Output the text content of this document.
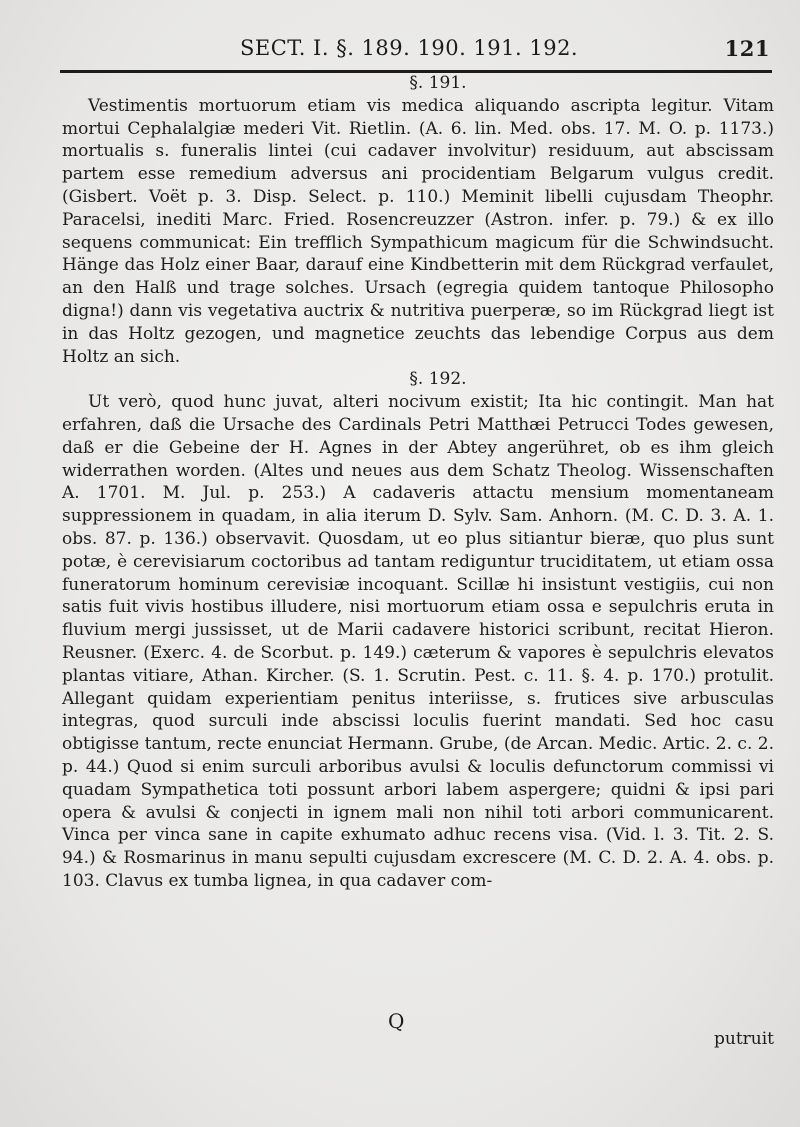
SECT. I. §. 189. 190. 191. 192.	121

§. 191.

Vestimentis mortuorum etiam vis medica aliquando ascripta legitur. Vitam mortui Cephalalgiæ mederi Vit. Rietlin. (A. 6. lin. Med. obs. 17. M. O. p. 1173.) mortualis s. funeralis lintei (cui cadaver involvitur) residuum, aut abscissam partem esse remedium adversus ani procidentiam Belgarum vulgus credit. (Gisbert. Voët p. 3. Disp. Select. p. 110.) Meminit libelli cujusdam Theophr. Paracelsi, inediti Marc. Fried. Rosencreuzzer (Astron. infer. p. 79.) & ex illo sequens communicat: Ein trefflich Sympathicum magicum für die Schwindsucht. Hänge das Holz einer Baar, darauf eine Kindbetterin mit dem Rückgrad verfaulet, an den Halß und trage solches. Ursach (egregia quidem tantoque Philosopho digna!) dann vis vegetativa auctrix & nutritiva puerperæ, so im Rückgrad liegt ist in das Holtz gezogen, und magnetice zeuchts das lebendige Corpus aus dem Holtz an sich.

§. 192.

Ut verò, quod hunc juvat, alteri nocivum existit; Ita hic contingit. Man hat erfahren, daß die Ursache des Cardinals Petri Matthæi Petrucci Todes gewesen, daß er die Gebeine der H. Agnes in der Abtey angerühret, ob es ihm gleich widerrathen worden. (Altes und neues aus dem Schatz Theolog. Wissenschaften A. 1701. M. Jul. p. 253.) A cadaveris attactu mensium momentaneam suppressionem in quadam, in alia iterum D. Sylv. Sam. Anhorn. (M. C. D. 3. A. 1. obs. 87. p. 136.) observavit. Quosdam, ut eo plus sitiantur bieræ, quo plus sunt potæ, è cerevisiarum coctoribus ad tantam rediguntur truciditatem, ut etiam ossa funeratorum hominum cerevisiæ incoquant. Scillæ hi insistunt vestigiis, cui non satis fuit vivis hostibus illudere, nisi mortuorum etiam ossa e sepulchris eruta in fluvium mergi jussisset, ut de Marii cadavere historici scribunt, recitat Hieron. Reusner. (Exerc. 4. de Scorbut. p. 149.) cæterum & vapores è sepulchris elevatos plantas vitiare, Athan. Kircher. (S. 1. Scrutin. Pest. c. 11. §. 4. p. 170.) protulit. Allegant quidam experientiam penitus interiisse, s. frutices sive arbusculas integras, quod surculi inde abscissi loculis fuerint mandati. Sed hoc casu obtigisse tantum, recte enunciat Hermann. Grube, (de Arcan. Medic. Artic. 2. c. 2. p. 44.) Quod si enim surculi arboribus avulsi & loculis defunctorum commissi vi quadam Sympathetica toti possunt arbori labem aspergere; quidni & ipsi pari opera & avulsi & conjecti in ignem mali non nihil toti arbori communicarent. Vinca per vinca sane in capite exhumato adhuc recens visa. (Vid. l. 3. Tit. 2. S. 94.) & Rosmarinus in manu sepulti cujusdam excrescere (M. C. D. 2. A. 4. obs. p. 103. Clavus ex tumba lignea, in qua cadaver com-

Q
putruit
